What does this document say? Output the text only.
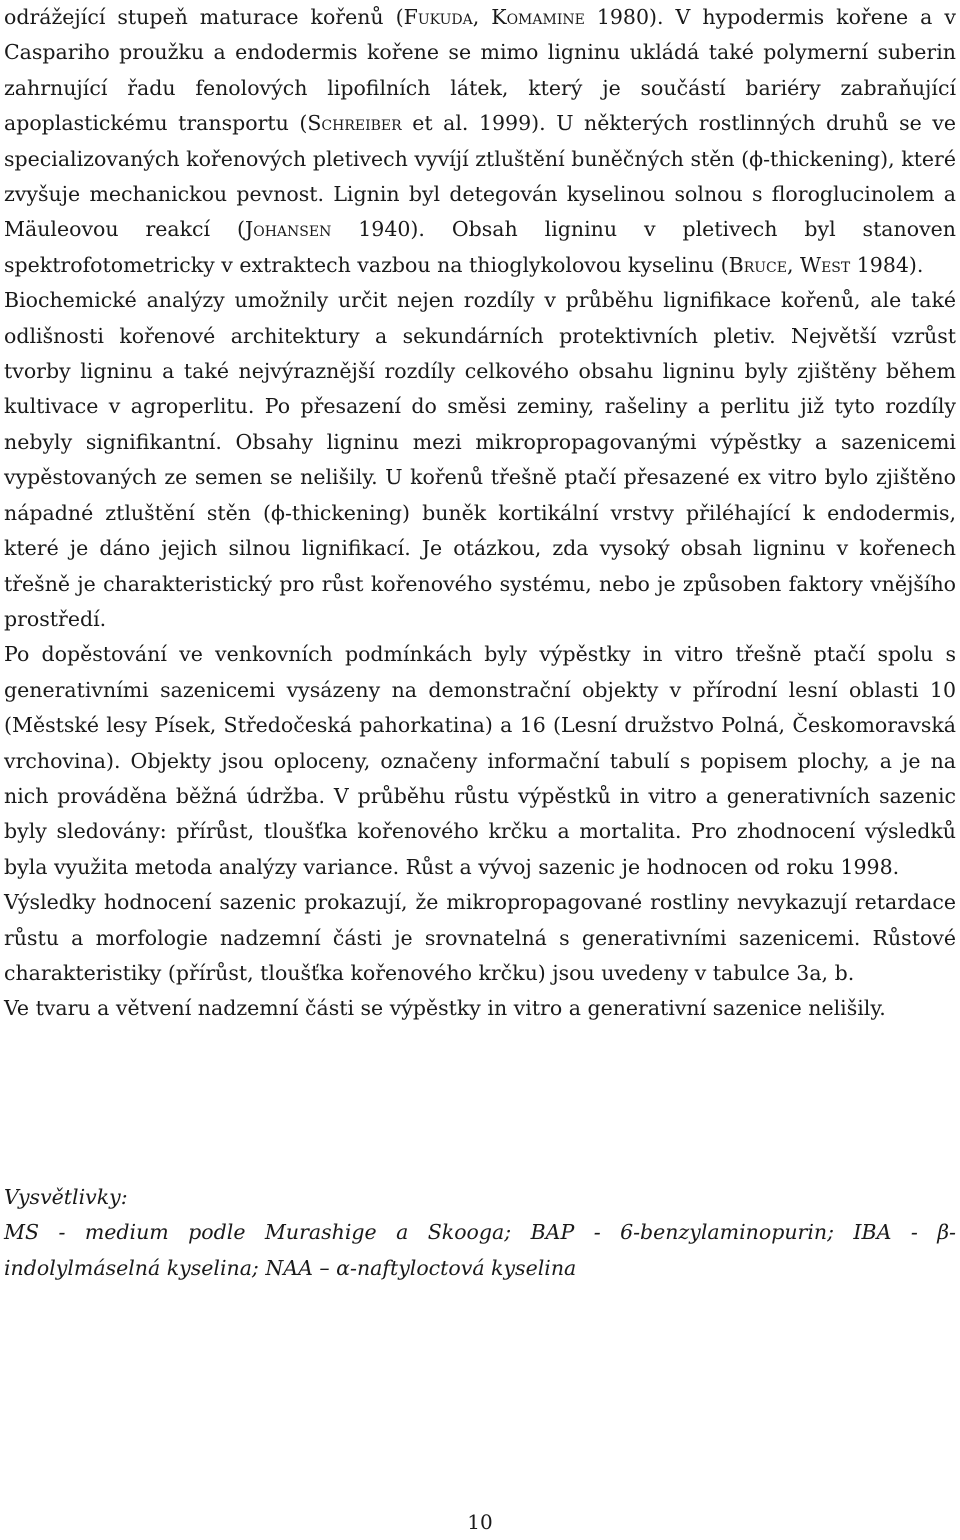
odrážející stupeň maturace kořenů (Fukuda, Komamine 1980). V hypodermis kořene a v Caspariho proužku a endodermis kořene se mimo ligninu ukládá také polymerní suberin zahrnující řadu fenolových lipofilních látek, který je součástí bariéry zabraňující apoplastickému transportu (Schreiber et al. 1999). U některých rostlinných druhů se ve specializovaných kořenových pletivech vyvíjí ztluštění buněčných stěn (ϕ-thickening), které zvyšuje mechanickou pevnost. Lignin byl detegován kyselinou solnou s floroglucinolem a Mäuleovou reakcí (Johansen 1940). Obsah ligninu v pletivech byl stanoven spektrofotometricky v extraktech vazbou na thioglykolovou kyselinu (Bruce, West 1984).

Biochemické analýzy umožnily určit nejen rozdíly v průběhu lignifikace kořenů, ale také odlišnosti kořenové architektury a sekundárních protektivních pletiv. Největší vzrůst tvorby ligninu a také nejvýraznější rozdíly celkového obsahu ligninu byly zjištěny během kultivace v agroperlitu. Po přesazení do směsi zeminy, rašeliny a perlitu již tyto rozdíly nebyly signifikantní. Obsahy ligninu mezi mikropropagovanými výpěstky a sazenicemi vypěstovaných ze semen se nelišily. U kořenů třešně ptačí přesazené ex vitro bylo zjištěno nápadné ztluštění stěn (ϕ-thickening) buněk kortikální vrstvy přiléhající k endodermis, které je dáno jejich silnou lignifikací. Je otázkou, zda vysoký obsah ligninu v kořenech třešně je charakteristický pro růst kořenového systému, nebo je způsoben faktory vnějšího prostředí.

Po dopěstování ve venkovních podmínkách byly výpěstky in vitro třešně ptačí spolu s generativními sazenicemi vysázeny na demonstrační objekty v přírodní lesní oblasti 10 (Městské lesy Písek, Středočeská pahorkatina) a 16 (Lesní družstvo Polná, Českomoravská vrchovina). Objekty jsou oploceny, označeny informační tabulí s popisem plochy, a je na nich prováděna běžná údržba. V průběhu růstu výpěstků in vitro a generativních sazenic byly sledovány: přírůst, tloušťka kořenového krčku a mortalita. Pro zhodnocení výsledků byla využita metoda analýzy variance. Růst a vývoj sazenic je hodnocen od roku 1998.

Výsledky hodnocení sazenic prokazují, že mikropropagované rostliny nevykazují retardace růstu a morfologie nadzemní části je srovnatelná s generativními sazenicemi. Růstové charakteristiky (přírůst, tloušťka kořenového krčku) jsou uvedeny v tabulce 3a, b.

Ve tvaru a větvení nadzemní části se výpěstky in vitro a generativní sazenice nelišily.

Vysvětlivky:

MS - medium podle Murashige a Skooga; BAP - 6-benzylaminopurin; IBA - β-indolylmáselná kyselina; NAA – α-naftyloctová kyselina

10
